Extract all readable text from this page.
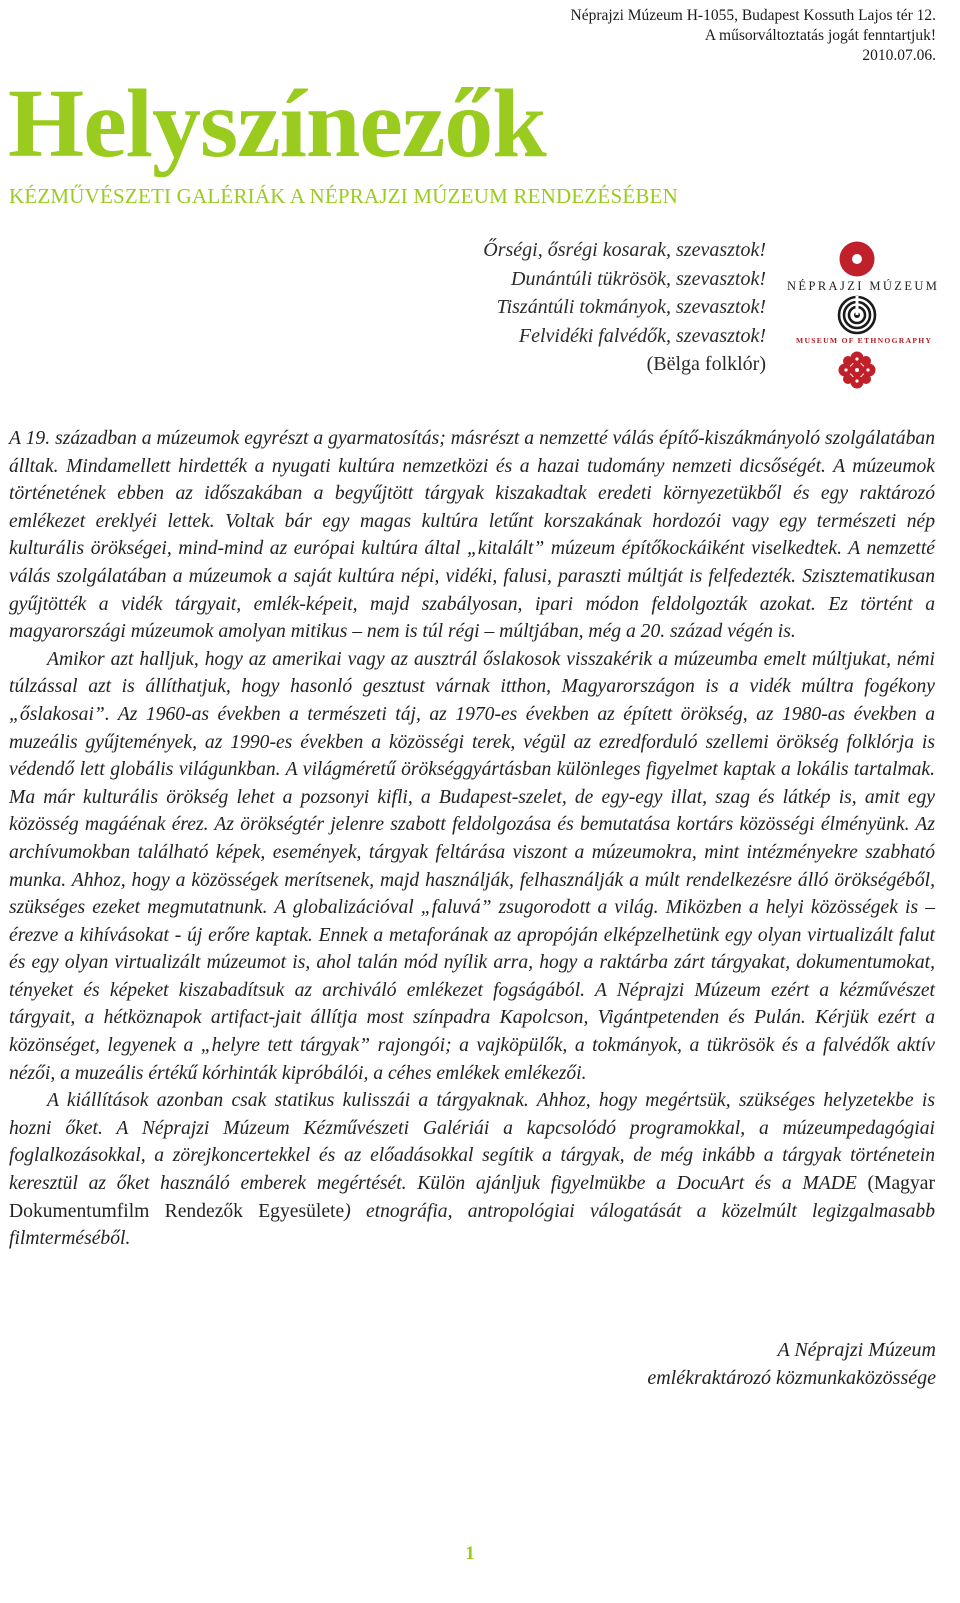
Néprajzi Múzeum H-1055, Budapest Kossuth Lajos tér 12.
A műsorváltoztatás jogát fenntartjuk!
2010.07.06.
Helyszínezők
KÉZMŰVÉSZETI GALÉRIÁK A NÉPRAJZI MÚZEUM RENDEZÉSÉBEN
Őrségi, ősrégi kosarak, szevasztok!
Dunántúli tükrösök, szevasztok!
Tiszántúli tokmányok, szevasztok!
Felvidéki falvédők, szevasztok!
(Bëlga folklór)
NÉPRAJZI MÚZEUM
MUSEUM OF ETHNOGRAPHY

A 19. században a múzeumok egyrészt a gyarmatosítás; másrészt a nemzetté válás építő-kiszákmányoló szolgálatában álltak. Mindamellett hirdették a nyugati kultúra nemzetközi és a hazai tudomány nemzeti dicsőségét. A múzeumok történetének ebben az időszakában a begyűjtött tárgyak kiszakadtak eredeti környezetükből és egy raktározó emlékezet ereklyéi lettek. Voltak bár egy magas kultúra letűnt korszakának hordozói vagy egy természeti nép kulturális örökségei, mind-mind az európai kultúra által „kitalált” múzeum építőkockáiként viselkedtek. A nemzetté válás szolgálatában a múzeumok a saját kultúra népi, vidéki, falusi, paraszti múltját is felfedezték. Szisztematikusan gyűjtötték a vidék tárgyait, emlék-képeit, majd szabályosan, ipari módon feldolgozták azokat. Ez történt a magyarországi múzeumok amolyan mitikus – nem is túl régi – múltjában, még a 20. század végén is.

Amikor azt halljuk, hogy az amerikai vagy az ausztrál őslakosok visszakérik a múzeumba emelt múltjukat, némi túlzással azt is állíthatjuk, hogy hasonló gesztust várnak itthon, Magyarországon is a vidék múltra fogékony „őslakosai”. Az 1960-as években a természeti táj, az 1970-es években az épített örökség, az 1980-as években a muzeális gyűjtemények, az 1990-es években a közösségi terek, végül az ezredforduló szellemi örökség folklórja is védendő lett globális világunkban. A világméretű örökséggyártásban különleges figyelmet kaptak a lokális tartalmak. Ma már kulturális örökség lehet a pozsonyi kifli, a Budapest-szelet, de egy-egy illat, szag és látkép is, amit egy közösség magáénak érez. Az örökségtér jelenre szabott feldolgozása és bemutatása kortárs közösségi élményünk. Az archívumokban található képek, események, tárgyak feltárása viszont a múzeumokra, mint intézményekre szabható munka. Ahhoz, hogy a közösségek merítsenek, majd használják, felhasználják a múlt rendelkezésre álló örökségéből, szükséges ezeket megmutatnunk. A globalizációval „faluvá” zsugorodott a világ. Miközben a helyi közösségek is – érezve a kihívásokat - új erőre kaptak. Ennek a metaforának az apropóján elképzelhetünk egy olyan virtualizált falut és egy olyan virtualizált múzeumot is, ahol talán mód nyílik arra, hogy a raktárba zárt tárgyakat, dokumentumokat, tényeket és képeket kiszabadítsuk az archiváló emlékezet fogságából. A Néprajzi Múzeum ezért a kézművészet tárgyait, a hétköznapok artifact-jait állítja most színpadra Kapolcson, Vigántpetenden és Pulán. Kérjük ezért a közönséget, legyenek a „helyre tett tárgyak” rajongói; a vajköpülők, a tokmányok, a tükrösök és a falvédők aktív nézői, a muzeális értékű kórhinták kipróbálói, a céhes emlékek emlékezői.

A kiállítások azonban csak statikus kulisszái a tárgyaknak. Ahhoz, hogy megértsük, szükséges helyzetekbe is hozni őket. A Néprajzi Múzeum Kézművészeti Galériái a kapcsolódó programokkal, a múzeumpedagógiai foglalkozásokkal, a zörejkoncertekkel és az előadásokkal segítik a tárgyak, de még inkább a tárgyak történetein keresztül az őket használó emberek megértését. Külön ajánljuk figyelmükbe a DocuArt és a MADE (Magyar Dokumentumfilm Rendezők Egyesülete) etnográfia, antropológiai válogatását a közelmúlt legizgalmasabb filmterméséből.

A Néprajzi Múzeum
emlékraktározó közmunkaközössége
1
